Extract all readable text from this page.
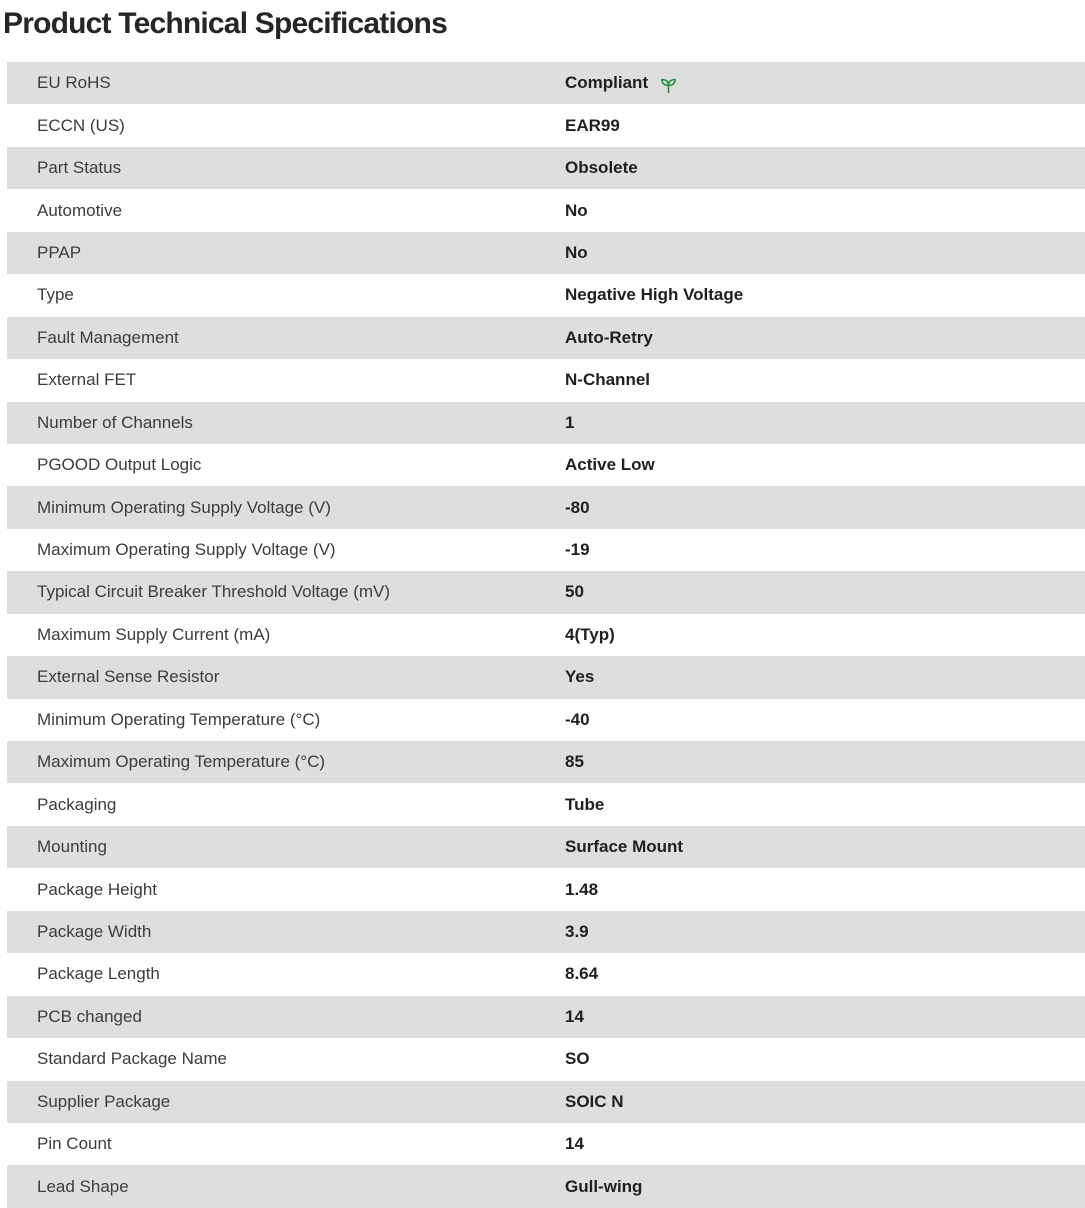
Product Technical Specifications
EU RoHS	Compliant
ECCN (US)	EAR99
Part Status	Obsolete
Automotive	No
PPAP	No
Type	Negative High Voltage
Fault Management	Auto-Retry
External FET	N-Channel
Number of Channels	1
PGOOD Output Logic	Active Low
Minimum Operating Supply Voltage (V)	-80
Maximum Operating Supply Voltage (V)	-19
Typical Circuit Breaker Threshold Voltage (mV)	50
Maximum Supply Current (mA)	4(Typ)
External Sense Resistor	Yes
Minimum Operating Temperature (°C)	-40
Maximum Operating Temperature (°C)	85
Packaging	Tube
Mounting	Surface Mount
Package Height	1.48
Package Width	3.9
Package Length	8.64
PCB changed	14
Standard Package Name	SO
Supplier Package	SOIC N
Pin Count	14
Lead Shape	Gull-wing
